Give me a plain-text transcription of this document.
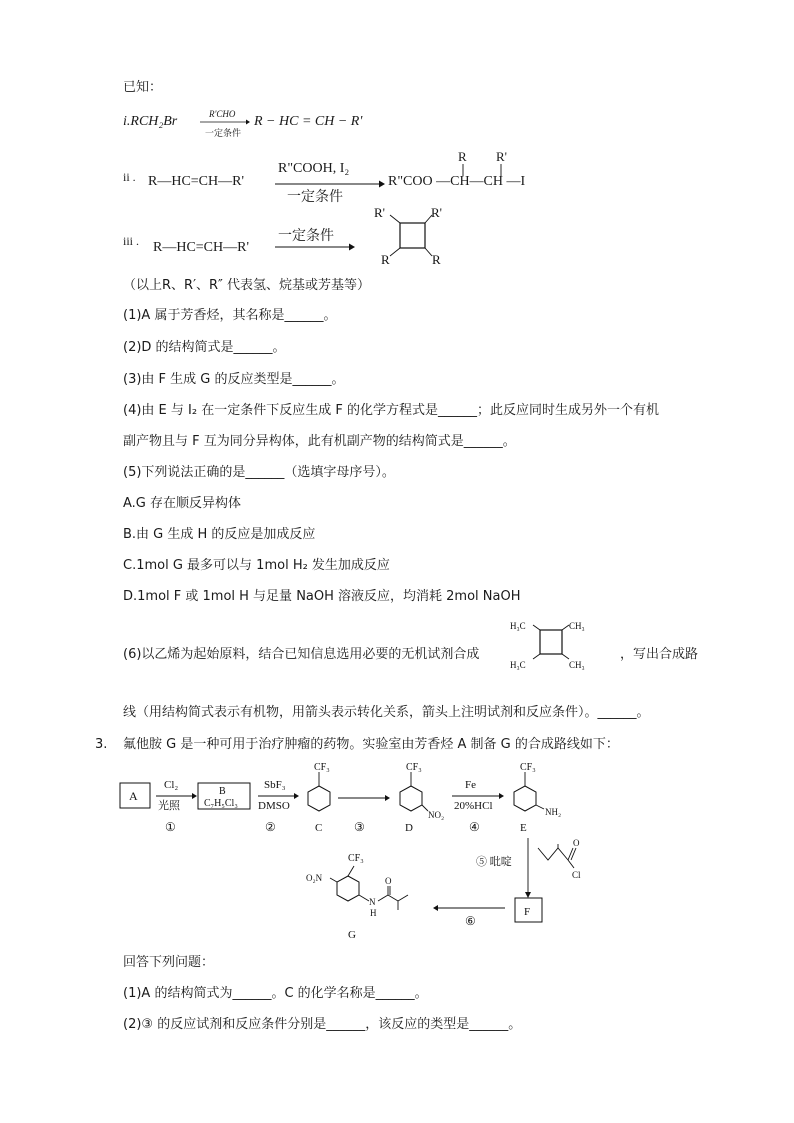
已知：
i.RCH₂Br	R'CHO
一定条件
R − HC = CH − R'
ii . R—HC=CH—R'
R"COOH, I₂
一定条件
R R'
R"COO —CH—CH —I
iii . R—HC=CH—R'
一定条件
R'	R'
R	R
（以上R、R′、R″ 代表氢、烷基或芳基等）
(1)A 属于芳香烃，其名称是______。
(2)D 的结构简式是______。
(3)由 F 生成 G 的反应类型是______。
(4)由 E 与 I₂ 在一定条件下反应生成 F 的化学方程式是______；此反应同时生成另外一个有机
副产物且与 F 互为同分异构体，此有机副产物的结构简式是______。
(5)下列说法正确的是______（选填字母序号）。
A.G 存在顺反异构体
B.由 G 生成 H 的反应是加成反应
C.1mol G 最多可以与 1mol H₂ 发生加成反应
D.1mol F 或 1mol H 与足量 NaOH 溶液反应，均消耗 2mol NaOH
(6)以乙烯为起始原料，结合已知信息选用必要的无机试剂合成
H₃C	CH₃
H₃C	CH₃
，写出合成路
线（用结构简式表示有机物，用箭头表示转化关系，箭头上注明试剂和反应条件）。______。
3. 氟他胺 G 是一种可用于治疗肿瘤的药物。实验室由芳香烃 A 制备 G 的合成路线如下：
A
Cl₂
光照
①
B
C₇H₅Cl₃
SbF₃
DMSO
②
CF₃
C	③
CF₃
NO₂
D
Fe
20%HCl
④
CF₃
NH₂
E
⑤ 吡啶
O
Cl
F
⑥
CF₃
O₂N
N
H
O
G
回答下列问题：
(1)A 的结构简式为______。C 的化学名称是______。
(2)③ 的反应试剂和反应条件分别是______，该反应的类型是______。
